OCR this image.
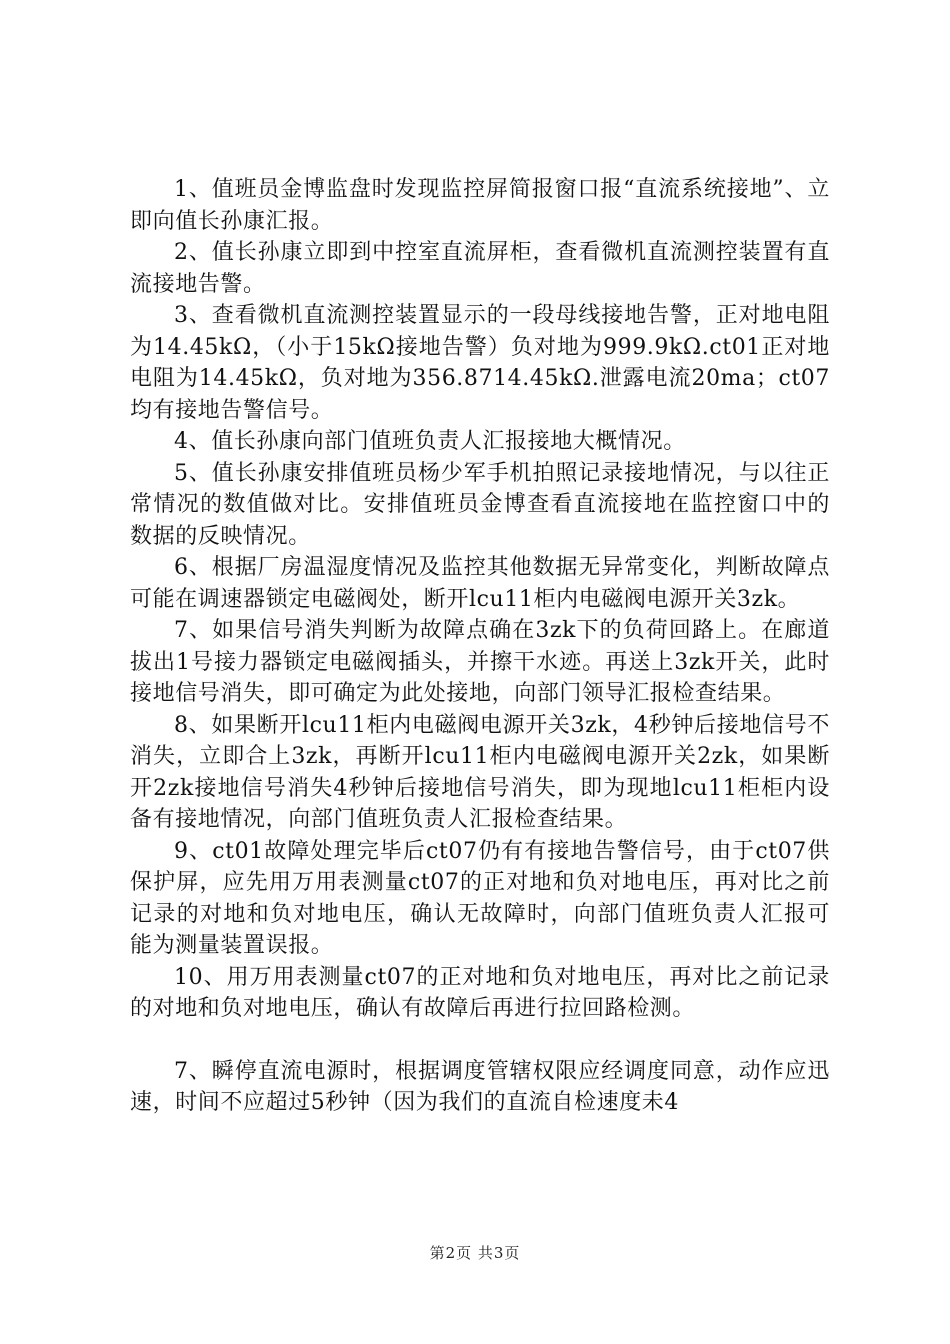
1、值班员金博监盘时发现监控屏简报窗口报“直流系统接地”、立即向值长孙康汇报。

2、值长孙康立即到中控室直流屏柜，查看微机直流测控装置有直流接地告警。

3、查看微机直流测控装置显示的一段母线接地告警，正对地电阻为14.45kΩ，（小于15kΩ接地告警）负对地为999.9kΩ.ct01正对地电阻为14.45kΩ，负对地为356.8714.45kΩ.泄露电流20ma；ct07均有接地告警信号。

4、值长孙康向部门值班负责人汇报接地大概情况。

5、值长孙康安排值班员杨少军手机拍照记录接地情况，与以往正常情况的数值做对比。安排值班员金博查看直流接地在监控窗口中的数据的反映情况。

6、根据厂房温湿度情况及监控其他数据无异常变化，判断故障点可能在调速器锁定电磁阀处，断开lcu11柜内电磁阀电源开关3zk。

7、如果信号消失判断为故障点确在3zk下的负荷回路上。在廊道拔出1号接力器锁定电磁阀插头，并擦干水迹。再送上3zk开关，此时接地信号消失，即可确定为此处接地，向部门领导汇报检查结果。

8、如果断开lcu11柜内电磁阀电源开关3zk，4秒钟后接地信号不消失，立即合上3zk，再断开lcu11柜内电磁阀电源开关2zk，如果断开2zk接地信号消失4秒钟后接地信号消失，即为现地lcu11柜柜内设备有接地情况，向部门值班负责人汇报检查结果。

9、ct01故障处理完毕后ct07仍有有接地告警信号，由于ct07供保护屏，应先用万用表测量ct07的正对地和负对地电压，再对比之前记录的对地和负对地电压，确认无故障时，向部门值班负责人汇报可能为测量装置误报。

10、用万用表测量ct07的正对地和负对地电压，再对比之前记录的对地和负对地电压，确认有故障后再进行拉回路检测。

7、瞬停直流电源时，根据调度管辖权限应经调度同意，动作应迅速，时间不应超过5秒钟（因为我们的直流自检速度未4

第2页 共3页
